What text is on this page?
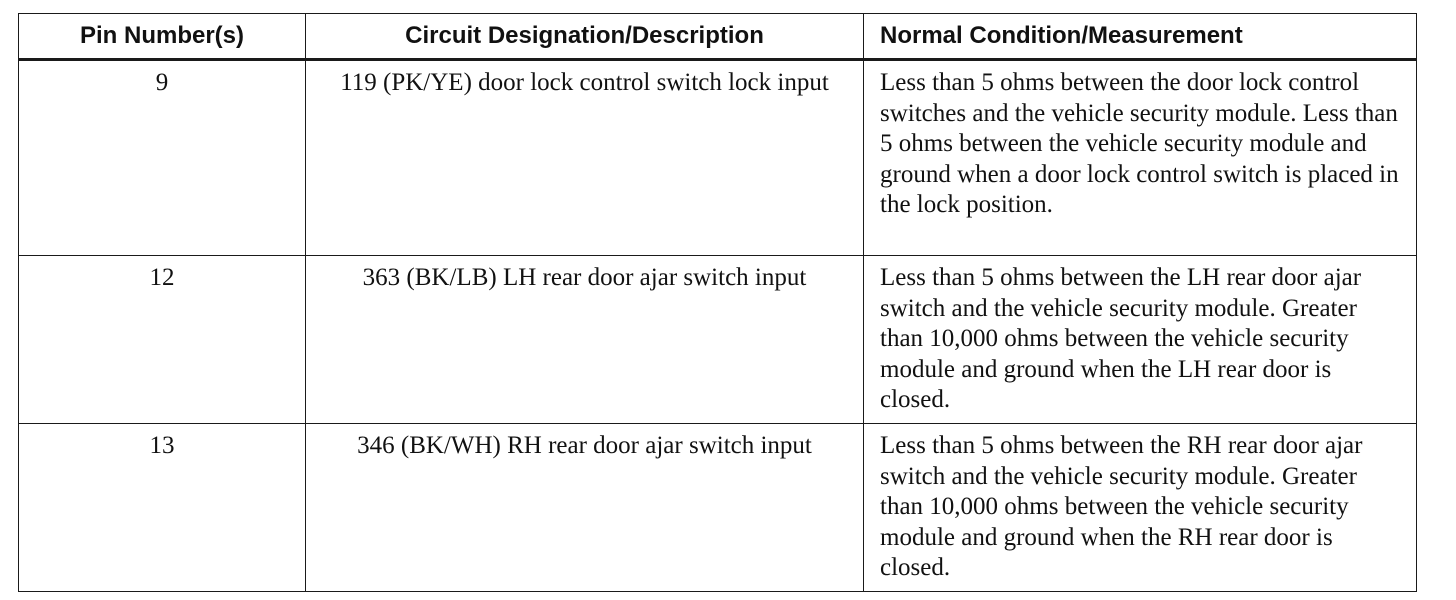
Pin Number(s)	Circuit Designation/Description	Normal Condition/Measurement
9	119 (PK/YE) door lock control switch lock input	Less than 5 ohms between the door lock control switches and the vehicle security module. Less than 5 ohms between the vehicle security module and ground when a door lock control switch is placed in the lock position.
12	363 (BK/LB) LH rear door ajar switch input	Less than 5 ohms between the LH rear door ajar switch and the vehicle security module. Greater than 10,000 ohms between the vehicle security module and ground when the LH rear door is closed.
13	346 (BK/WH) RH rear door ajar switch input	Less than 5 ohms between the RH rear door ajar switch and the vehicle security module. Greater than 10,000 ohms between the vehicle security module and ground when the RH rear door is closed.
